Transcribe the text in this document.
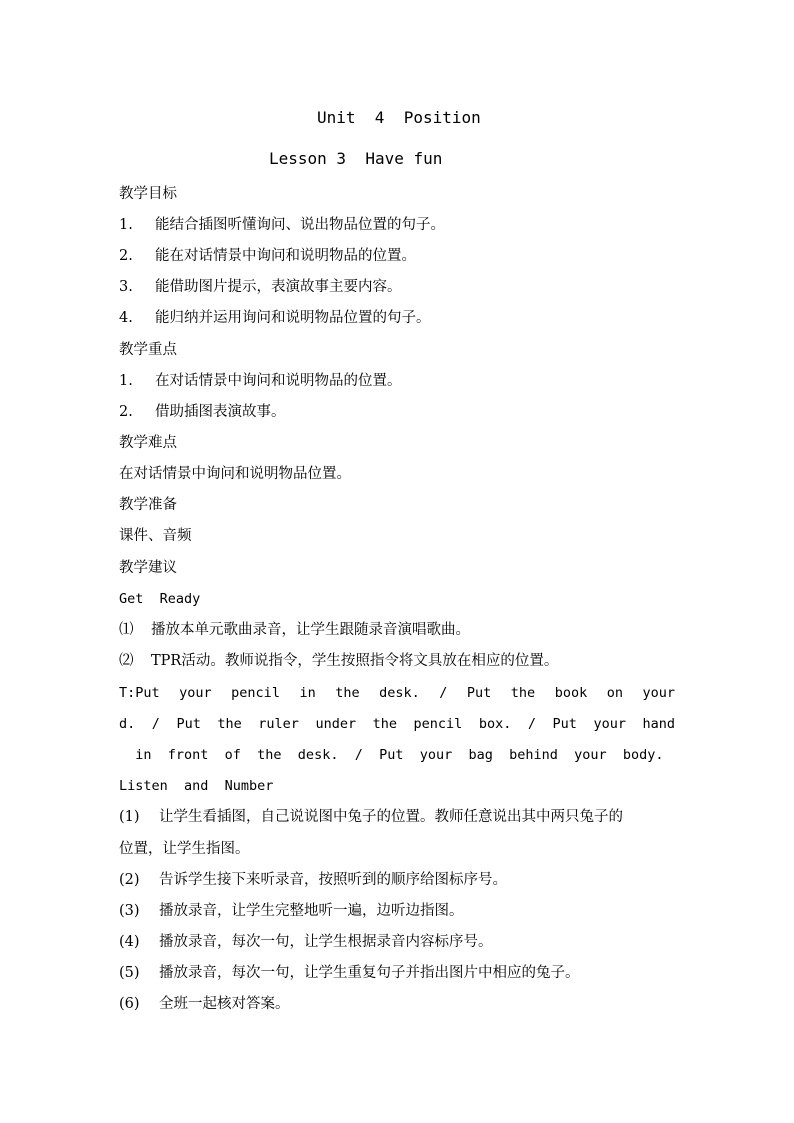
Unit  4  Position
Lesson 3  Have fun
教学目标
1. 能结合插图听懂询问、说出物品位置的句子。
2. 能在对话情景中询问和说明物品的位置。
3. 能借助图片提示，表演故事主要内容。
4. 能归纳并运用询问和说明物品位置的句子。
教学重点
1. 在对话情景中询问和说明物品的位置。
2. 借助插图表演故事。
教学难点
在对话情景中询问和说明物品位置。
教学准备
课件、音频
教学建议
Get  Ready
⑴ 播放本单元歌曲录音，让学生跟随录音演唱歌曲。
⑵ TPR活动。教师说指令，学生按照指令将文具放在相应的位置。
T:Put  your  pencil  in  the  desk.  /  Put  the  book  on  your
d.  /  Put  the  ruler  under  the  pencil  box.  /  Put  your  hand
in  front  of  the  desk.  /  Put  your  bag  behind  your  body.
Listen  and  Number
(1) 让学生看插图，自己说说图中兔子的位置。教师任意说出其中两只兔子的
位置，让学生指图。
(2) 告诉学生接下来听录音，按照听到的顺序给图标序号。
(3) 播放录音，让学生完整地听一遍，边听边指图。
(4) 播放录音，每次一句，让学生根据录音内容标序号。
(5) 播放录音，每次一句，让学生重复句子并指出图片中相应的兔子。
(6) 全班一起核对答案。
